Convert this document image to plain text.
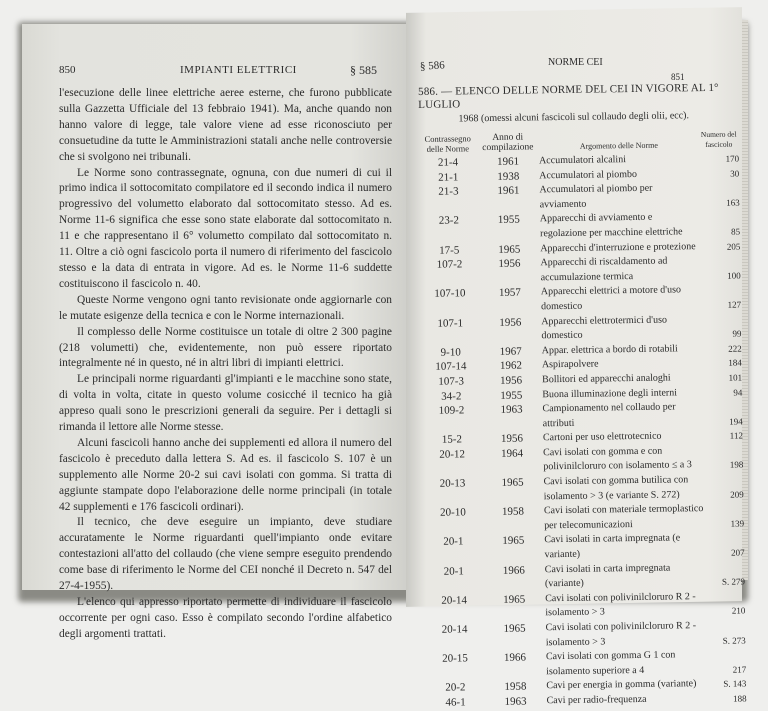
850	IMPIANTI ELETTRICI	§ 585

l'esecuzione delle linee elettriche aeree esterne, che furono pubblicate sulla Gazzetta Ufficiale del 13 febbraio 1941). Ma, anche quando non hanno valore di legge, tale valore viene ad esse riconosciuto per consuetudine da tutte le Amministrazioni statali anche nelle controversie che si svolgono nei tribunali.

Le Norme sono contrassegnate, ognuna, con due numeri di cui il primo indica il sottocomitato compilatore ed il secondo indica il numero progressivo del volumetto elaborato dal sottocomitato stesso. Ad es. Norme 11-6 significa che esse sono state elaborate dal sottocomitato n. 11 e che rappresentano il 6° volumetto compilato dal sottocomitato n. 11. Oltre a ciò ogni fascicolo porta il numero di riferimento del fascicolo stesso e la data di entrata in vigore. Ad es. le Norme 11-6 suddette costituiscono il fascicolo n. 40.

Queste Norme vengono ogni tanto revisionate onde aggiornarle con le mutate esigenze della tecnica e con le Norme internazionali.

Il complesso delle Norme costituisce un totale di oltre 2 300 pagine (218 volumetti) che, evidentemente, non può essere riportato integralmente né in questo, né in altri libri di impianti elettrici.

Le principali norme riguardanti gl'impianti e le macchine sono state, di volta in volta, citate in questo volume cosicché il tecnico ha già appreso quali sono le prescrizioni generali da seguire. Per i dettagli si rimanda il lettore alle Norme stesse.

Alcuni fascicoli hanno anche dei supplementi ed allora il numero del fascicolo è preceduto dalla lettera S. Ad es. il fascicolo S. 107 è un supplemento alle Norme 20-2 sui cavi isolati con gomma. Si tratta di aggiunte stampate dopo l'elaborazione delle norme principali (in totale 42 supplementi e 176 fascicoli ordinari).

Il tecnico, che deve eseguire un impianto, deve studiare accuratamente le Norme riguardanti quell'impianto onde evitare contestazioni all'atto del collaudo (che viene sempre eseguito prendendo come base di riferimento le Norme del CEI nonché il Decreto n. 547 del 27-4-1955).

L'elenco qui appresso riportato permette di individuare il fascicolo occorrente per ogni caso. Esso è compilato secondo l'ordine alfabetico degli argomenti trattati.

§ 586	NORME CEI
851
586. — ELENCO DELLE NORME DEL CEI IN VIGORE AL 1° LUGLIO
1968 (omessi alcuni fascicoli sul collaudo degli olii, ecc).
Contrassegno delle Norme
Anno di compilazione	Argomento delle Norme
Numero del fascicolo
21-4	1961	Accumulatori alcalini	170
21-1	1938	Accumulatori al piombo	30
21-3	1961	Accumulatori al piombo per avviamento	163
23-2	1955	Apparecchi di avviamento e regolazione per macchine elettriche	85
17-5	1965	Apparecchi d'interruzione e protezione	205
107-2	1956	Apparecchi di riscaldamento ad accumulazione termica	100
107-10	1957	Apparecchi elettrici a motore d'uso domestico	127
107-1	1956	Apparecchi elettrotermici d'uso domestico	99
9-10	1967	Appar. elettrica a bordo di rotabili	222
107-14	1962	Aspirapolvere	184
107-3	1956	Bollitori ed apparecchi analoghi	101
34-2	1955	Buona illuminazione degli interni	94
109-2	1963	Campionamento nel collaudo per attributi	194
15-2	1956	Cartoni per uso elettrotecnico	112
20-12	1964	Cavi isolati con gomma e con polivinilcloruro con isolamento ≤ a 3	198
20-13	1965	Cavi isolati con gomma butilica con isolamento > 3 (e variante S. 272)	209
20-10	1958	Cavi isolati con materiale termoplastico per telecomunicazioni	139
20-1	1965	Cavi isolati in carta impregnata (e variante)	207
20-1	1966	Cavi isolati in carta impregnata (variante)	S. 279
20-14	1965	Cavi isolati con polivinilcloruro R 2 - isolamento > 3	210
20-14	1965	Cavi isolati con polivinilcloruro R 2 - isolamento > 3	S. 273
20-15	1966	Cavi isolati con gomma G 1 con isolamento superiore a 4	217
20-2	1958	Cavi per energia in gomma (variante)	S. 143
46-1	1963	Cavi per radio-frequenza	188
